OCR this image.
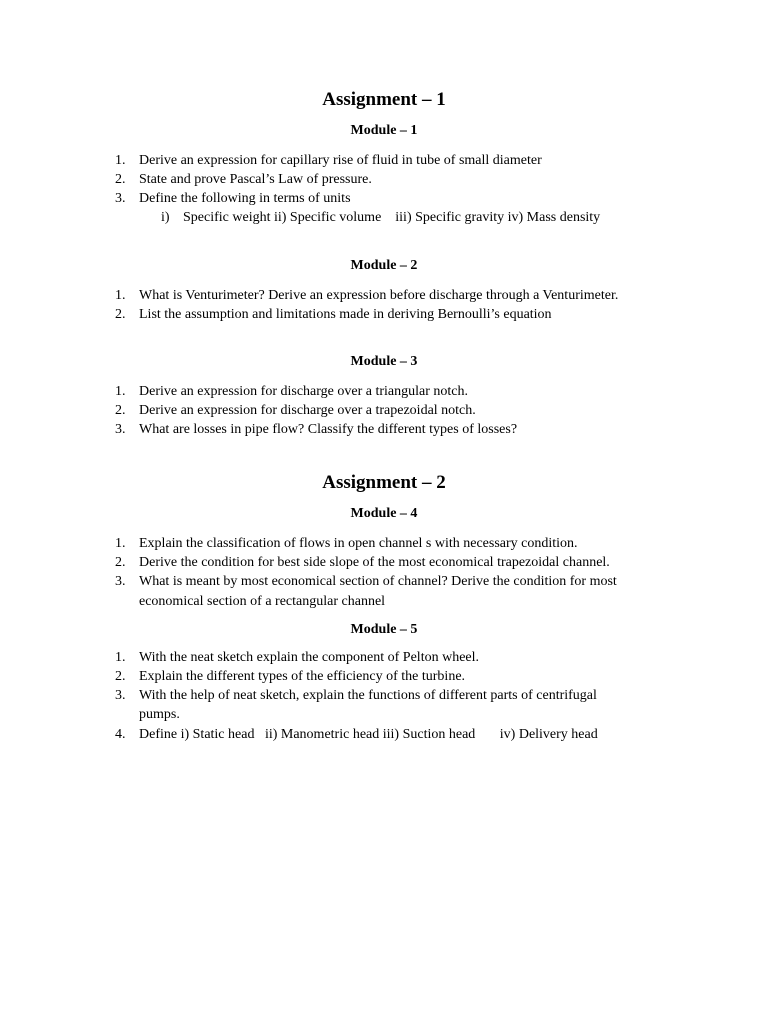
Assignment – 1
Module – 1
1. Derive an expression for capillary rise of fluid in tube of small diameter
2. State and prove Pascal’s Law of pressure.
3. Define the following in terms of units
i) Specific weight ii) Specific volume    iii) Specific gravity iv) Mass density
Module – 2
1. What is Venturimeter? Derive an expression before discharge through a Venturimeter.
2. List the assumption and limitations made in deriving Bernoulli’s equation
Module – 3
1. Derive an expression for discharge over a triangular notch.
2. Derive an expression for discharge over a trapezoidal notch.
3. What are losses in pipe flow? Classify the different types of losses?
Assignment – 2
Module – 4
1. Explain the classification of flows in open channel s with necessary condition.
2. Derive the condition for best side slope of the most economical trapezoidal channel.
3. What is meant by most economical section of channel? Derive the condition for most
economical section of a rectangular channel
Module – 5
1. With the neat sketch explain the component of Pelton wheel.
2. Explain the different types of the efficiency of the turbine.
3. With the help of neat sketch, explain the functions of different parts of centrifugal
pumps.
4. Define i) Static head   ii) Manometric head iii) Suction head       iv) Delivery head
